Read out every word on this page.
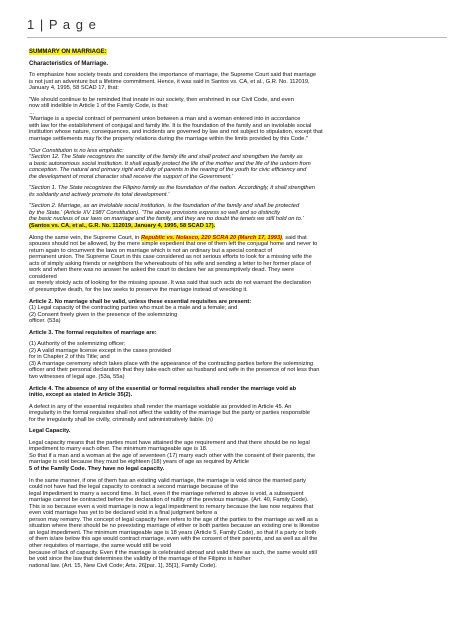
1 | P a g e

SUMMARY ON MARRIAGE:

Characteristics of Marriage.

To emphasize how society treats and considers the importance of marriage, the Supreme Court said that marriage

is not just an adventure but a lifetime commitment. Hence, it was said in Santos vs. CA, et al., G.R. No. 112019,

January 4, 1995, 58 SCAD 17, that:

"We should continue to be reminded that innate in our society, then enshrined in our Civil Code, and even

now still indelible in Article 1 of the Family Code, is that:

…

"Marriage is a special contract of permanent union between a man and a woman entered into in accordance

with law for the establishment of conjugal and family life. It is the foundation of the family and an inviolable social

institution whose nature, consequences, and incidents are governed by law and not subject to stipulation, except that

marriage settlements may fix the property relations during the marriage within the limits provided by this Code."

"Our Constitution is no less emphatic:

"Section 12. The State recognizes the sanctity of the family life and shall protect and strengthen the family as

a basic autonomous social institution. It shall equally protect the life of the mother and the life of the unborn from

conception. The natural and primary right and duty of parents in the rearing of the youth for civic efficiency and

the development of moral character shall receive the support of the Government.'

"Section 1. The State recognizes the Filipino family as the foundation of the nation. Accordingly, it shall strengthen

its solidarity and actively promote its total development.'

"Section 2. Marriage, as an inviolable social institution, is the foundation of the family and shall be protected

by the State.' (Article XV 1987 Constitution). "The above provisions express so well and so distinctly

the basic nucleus of our laws on marriage and the family, and they are no doubt the tenets we still hold on to.'

(Santos vs. CA, et al., G.R. No. 112019, January 4, 1995, 58 SCAD 17).

Along the same vein, the Supreme Court, in Republic vs. Nolasco, 220 SCRA 20 (March 17, 1993), said that

spouses should not be allowed, by the mere simple expedient that one of them left the conjugal home and never to

return again to circumvent the laws on marriage which is not an ordinary but a special contract of

permanent union. The Supreme Court in this case considered as not serious efforts to look for a missing wife the

acts of simply asking friends or neighbors the whereabouts of his wife and sending a letter to her former place of

work and when there was no answer he asked the court to declare her as presumptively dead. They were

considered

as merely stoicly acts of looking for the missing spouse. It was said that such acts do not warrant the declaration

of presumptive death, for the law seeks to preserve the marriage instead of wrecking it.

Article 2. No marriage shall be valid, unless these essential requisites are present:

(1) Legal capacity of the contracting parties who must be a male and a female; and

(2) Consent freely given in the presence of the solemnizing

officer. (53a)

Article 3. The formal requisites of marriage are:

(1) Authority of the solemnizing officer;

(2) A valid marriage license except in the cases provided

for in Chapter 2 of this Title; and

(3) A marriage ceremony which takes place with the appearance of the contracting parties before the solemnizing

officer and their personal declaration that they take each other as husband and wife in the presence of not less than

two witnesses of legal age. (53a, 55a)

Article 4. The absence of any of the essential or formal requisites shall render the marriage void ab

initio, except as stated in Article 35(2).

A defect in any of the essential requisites shall render the marriage voidable as provided in Article 45. An

irregularity in the formal requisites shall not affect the validity of the marriage but the party or parties responsible

for the irregularity shall be civilly, criminally and administratively liable. (n)

Legal Capacity.

Legal capacity means that the parties must have attained the age requirement and that there should be no legal

impediment to marry each other. The minimum marriageable age is 18.

So that if a man and a woman at the age of seventeen (17) marry each other with the consent of their parents, the

marriage is void because they must be eighteen (18) years of age as required by Article

5 of the Family Code. They have no legal capacity.

In the same manner, if one of them has an existing valid marriage, the marriage is void since the married party

could not have had the legal capacity to contract a second marriage because of the

legal impediment to marry a second time. In fact, even if the marriage referred to above is void, a subsequent

marriage cannot be contracted before the declaration of nullity of the previous marriage. (Art. 40, Family Code).

This is so because even a void marriage is now a legal impediment to remarry because the law now requires that

even void marriage has yet to be declared void in a final judgment before a

person may remarry. The concept of legal capacity here refers to the age of the parties to the marriage as well as a

situation where there should be no preexisting marriage of either or both parties because an existing one is likewise

an legal impediment. The minimum marriageable age is 18 years (Article 5, Family Code), so that if a party or both

of them is/are below this age would contract marriage, even with the consent of their parents, and as well as all the

other requisites of marriage, the same would still be void

because of lack of capacity. Even if the marriage is celebrated abroad and valid there as such, the same would still

be void since the law that determines the validity of the marriage of the Filipino is his/her

national law. (Art. 15, New Civil Code; Arts. 26[par. 1], 35[1], Family Code).
